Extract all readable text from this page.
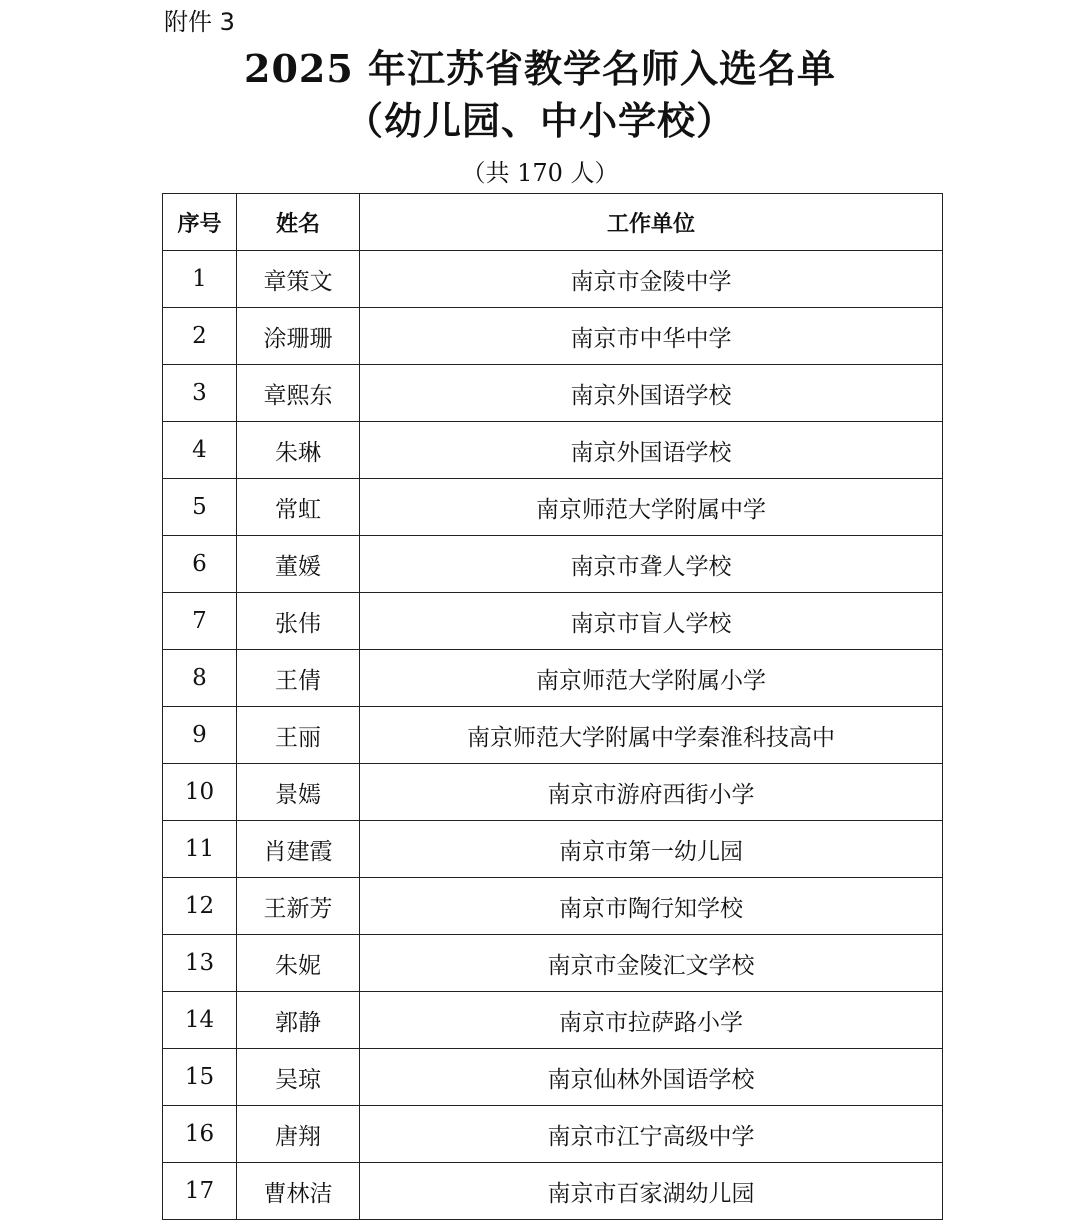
附件 3
2025 年江苏省教学名师入选名单
（幼儿园、中小学校）
（共 170 人）
序号	姓名	工作单位
1	章策文	南京市金陵中学
2	涂珊珊	南京市中华中学
3	章熙东	南京外国语学校
4	朱琳	南京外国语学校
5	常虹	南京师范大学附属中学
6	董媛	南京市聋人学校
7	张伟	南京市盲人学校
8	王倩	南京师范大学附属小学
9	王丽	南京师范大学附属中学秦淮科技高中
10	景嫣	南京市游府西街小学
11	肖建霞	南京市第一幼儿园
12	王新芳	南京市陶行知学校
13	朱妮	南京市金陵汇文学校
14	郭静	南京市拉萨路小学
15	吴琼	南京仙林外国语学校
16	唐翔	南京市江宁高级中学
17	曹林洁	南京市百家湖幼儿园
